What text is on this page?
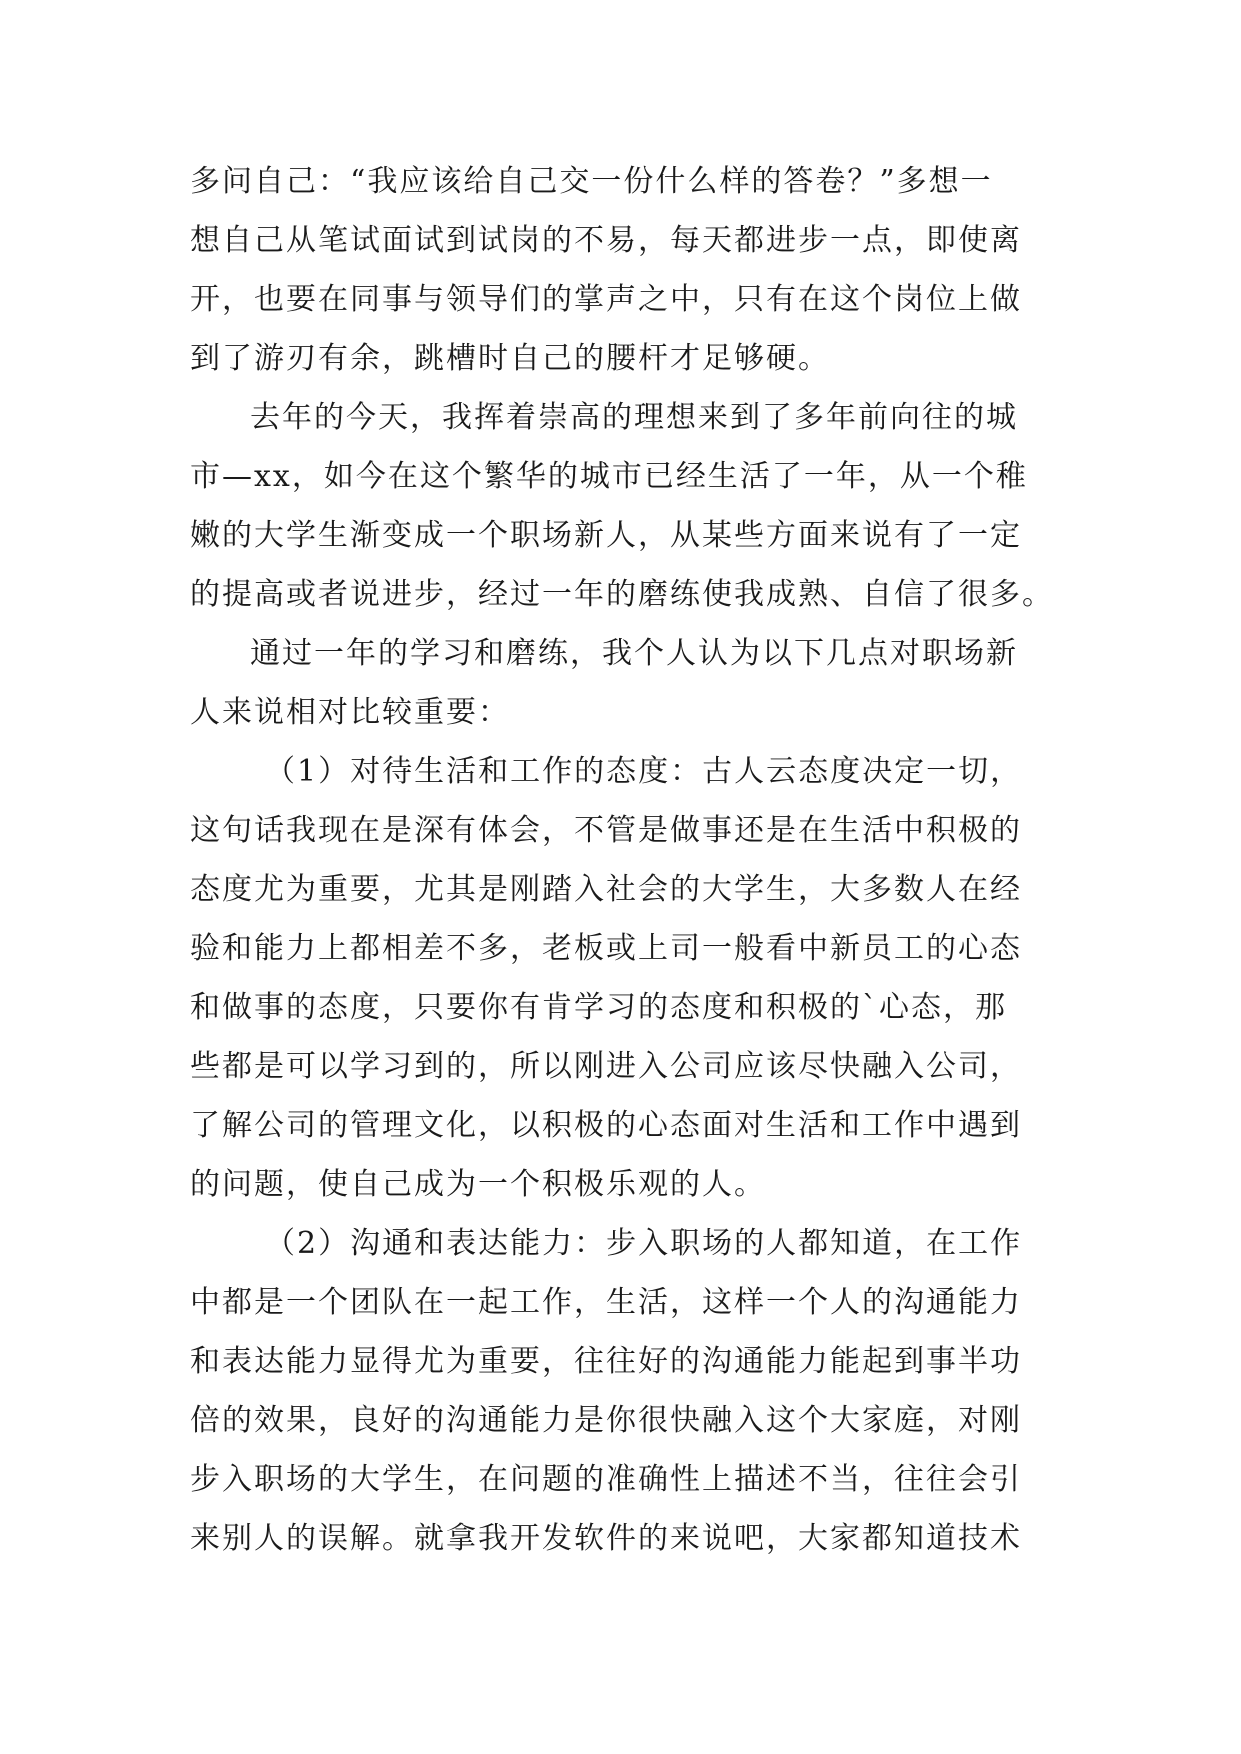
多问自己：“我应该给自己交一份什么样的答卷？”多想一
想自己从笔试面试到试岗的不易，每天都进步一点，即使离
开，也要在同事与领导们的掌声之中，只有在这个岗位上做
到了游刃有余，跳槽时自己的腰杆才足够硬。
去年的今天，我挥着崇高的理想来到了多年前向往的城
市—xx，如今在这个繁华的城市已经生活了一年，从一个稚
嫩的大学生渐变成一个职场新人，从某些方面来说有了一定
的提高或者说进步，经过一年的磨练使我成熟、自信了很多。
通过一年的学习和磨练，我个人认为以下几点对职场新
人来说相对比较重要：
（1）对待生活和工作的态度：古人云态度决定一切，
这句话我现在是深有体会，不管是做事还是在生活中积极的
态度尤为重要，尤其是刚踏入社会的大学生，大多数人在经
验和能力上都相差不多，老板或上司一般看中新员工的心态
和做事的态度，只要你有肯学习的态度和积极的`心态，那
些都是可以学习到的，所以刚进入公司应该尽快融入公司，
了解公司的管理文化，以积极的心态面对生活和工作中遇到
的问题，使自己成为一个积极乐观的人。
（2）沟通和表达能力：步入职场的人都知道，在工作
中都是一个团队在一起工作，生活，这样一个人的沟通能力
和表达能力显得尤为重要，往往好的沟通能力能起到事半功
倍的效果，良好的沟通能力是你很快融入这个大家庭，对刚
步入职场的大学生，在问题的准确性上描述不当，往往会引
来别人的误解。就拿我开发软件的来说吧，大家都知道技术
